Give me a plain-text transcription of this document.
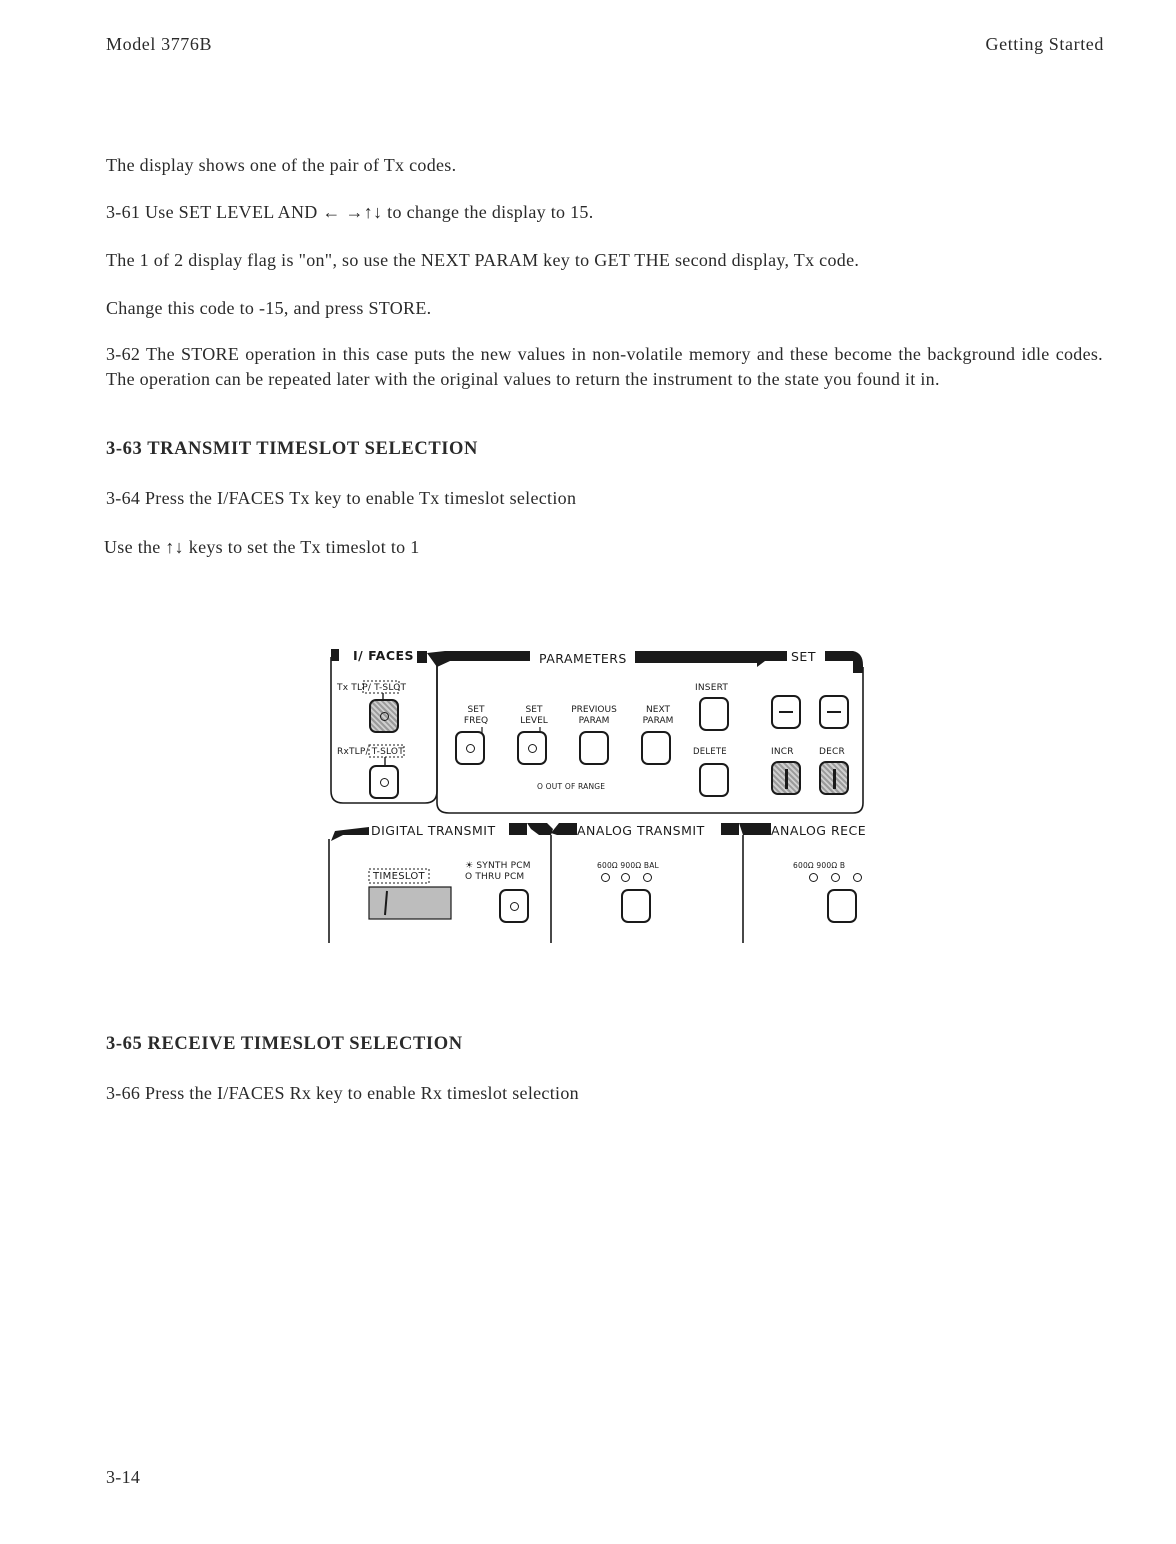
Model 3776B	Getting Started
The display shows one of the pair of Tx codes.
3-61 Use SET LEVEL AND ← →↑↓ to change the display to 15.
The 1 of 2 display flag is "on", so use the NEXT PARAM key to GET THE second display, Tx code.
Change this code to -15, and press STORE.
3-62 The STORE operation in this case puts the new values in non-volatile memory and these become the background idle codes. The operation can be repeated later with the original values to return the instrument to the state you found it in.
3-63 TRANSMIT TIMESLOT SELECTION
3-64 Press the I/FACES Tx key to enable Tx timeslot selection
Use the ↑↓ keys to set the Tx timeslot to 1
I/ FACES	PARAMETERS	SET
DIGITAL TRANSMIT	ANALOG TRANSMIT	ANALOG RECE
Tx TLP/ T-SLOT
RxTLP/ T-SLOT
SET
FREQ
SET
LEVEL
PREVIOUS
PARAM
NEXT
PARAM
O OUT OF RANGE
INSERT
DELETE	INCR	DECR
TIMESLOT
☀ SYNTH PCM
O THRU PCM
600Ω 900Ω BAL	600Ω 900Ω B
3-65 RECEIVE TIMESLOT SELECTION
3-66 Press the I/FACES Rx key to enable Rx timeslot selection
3-14
